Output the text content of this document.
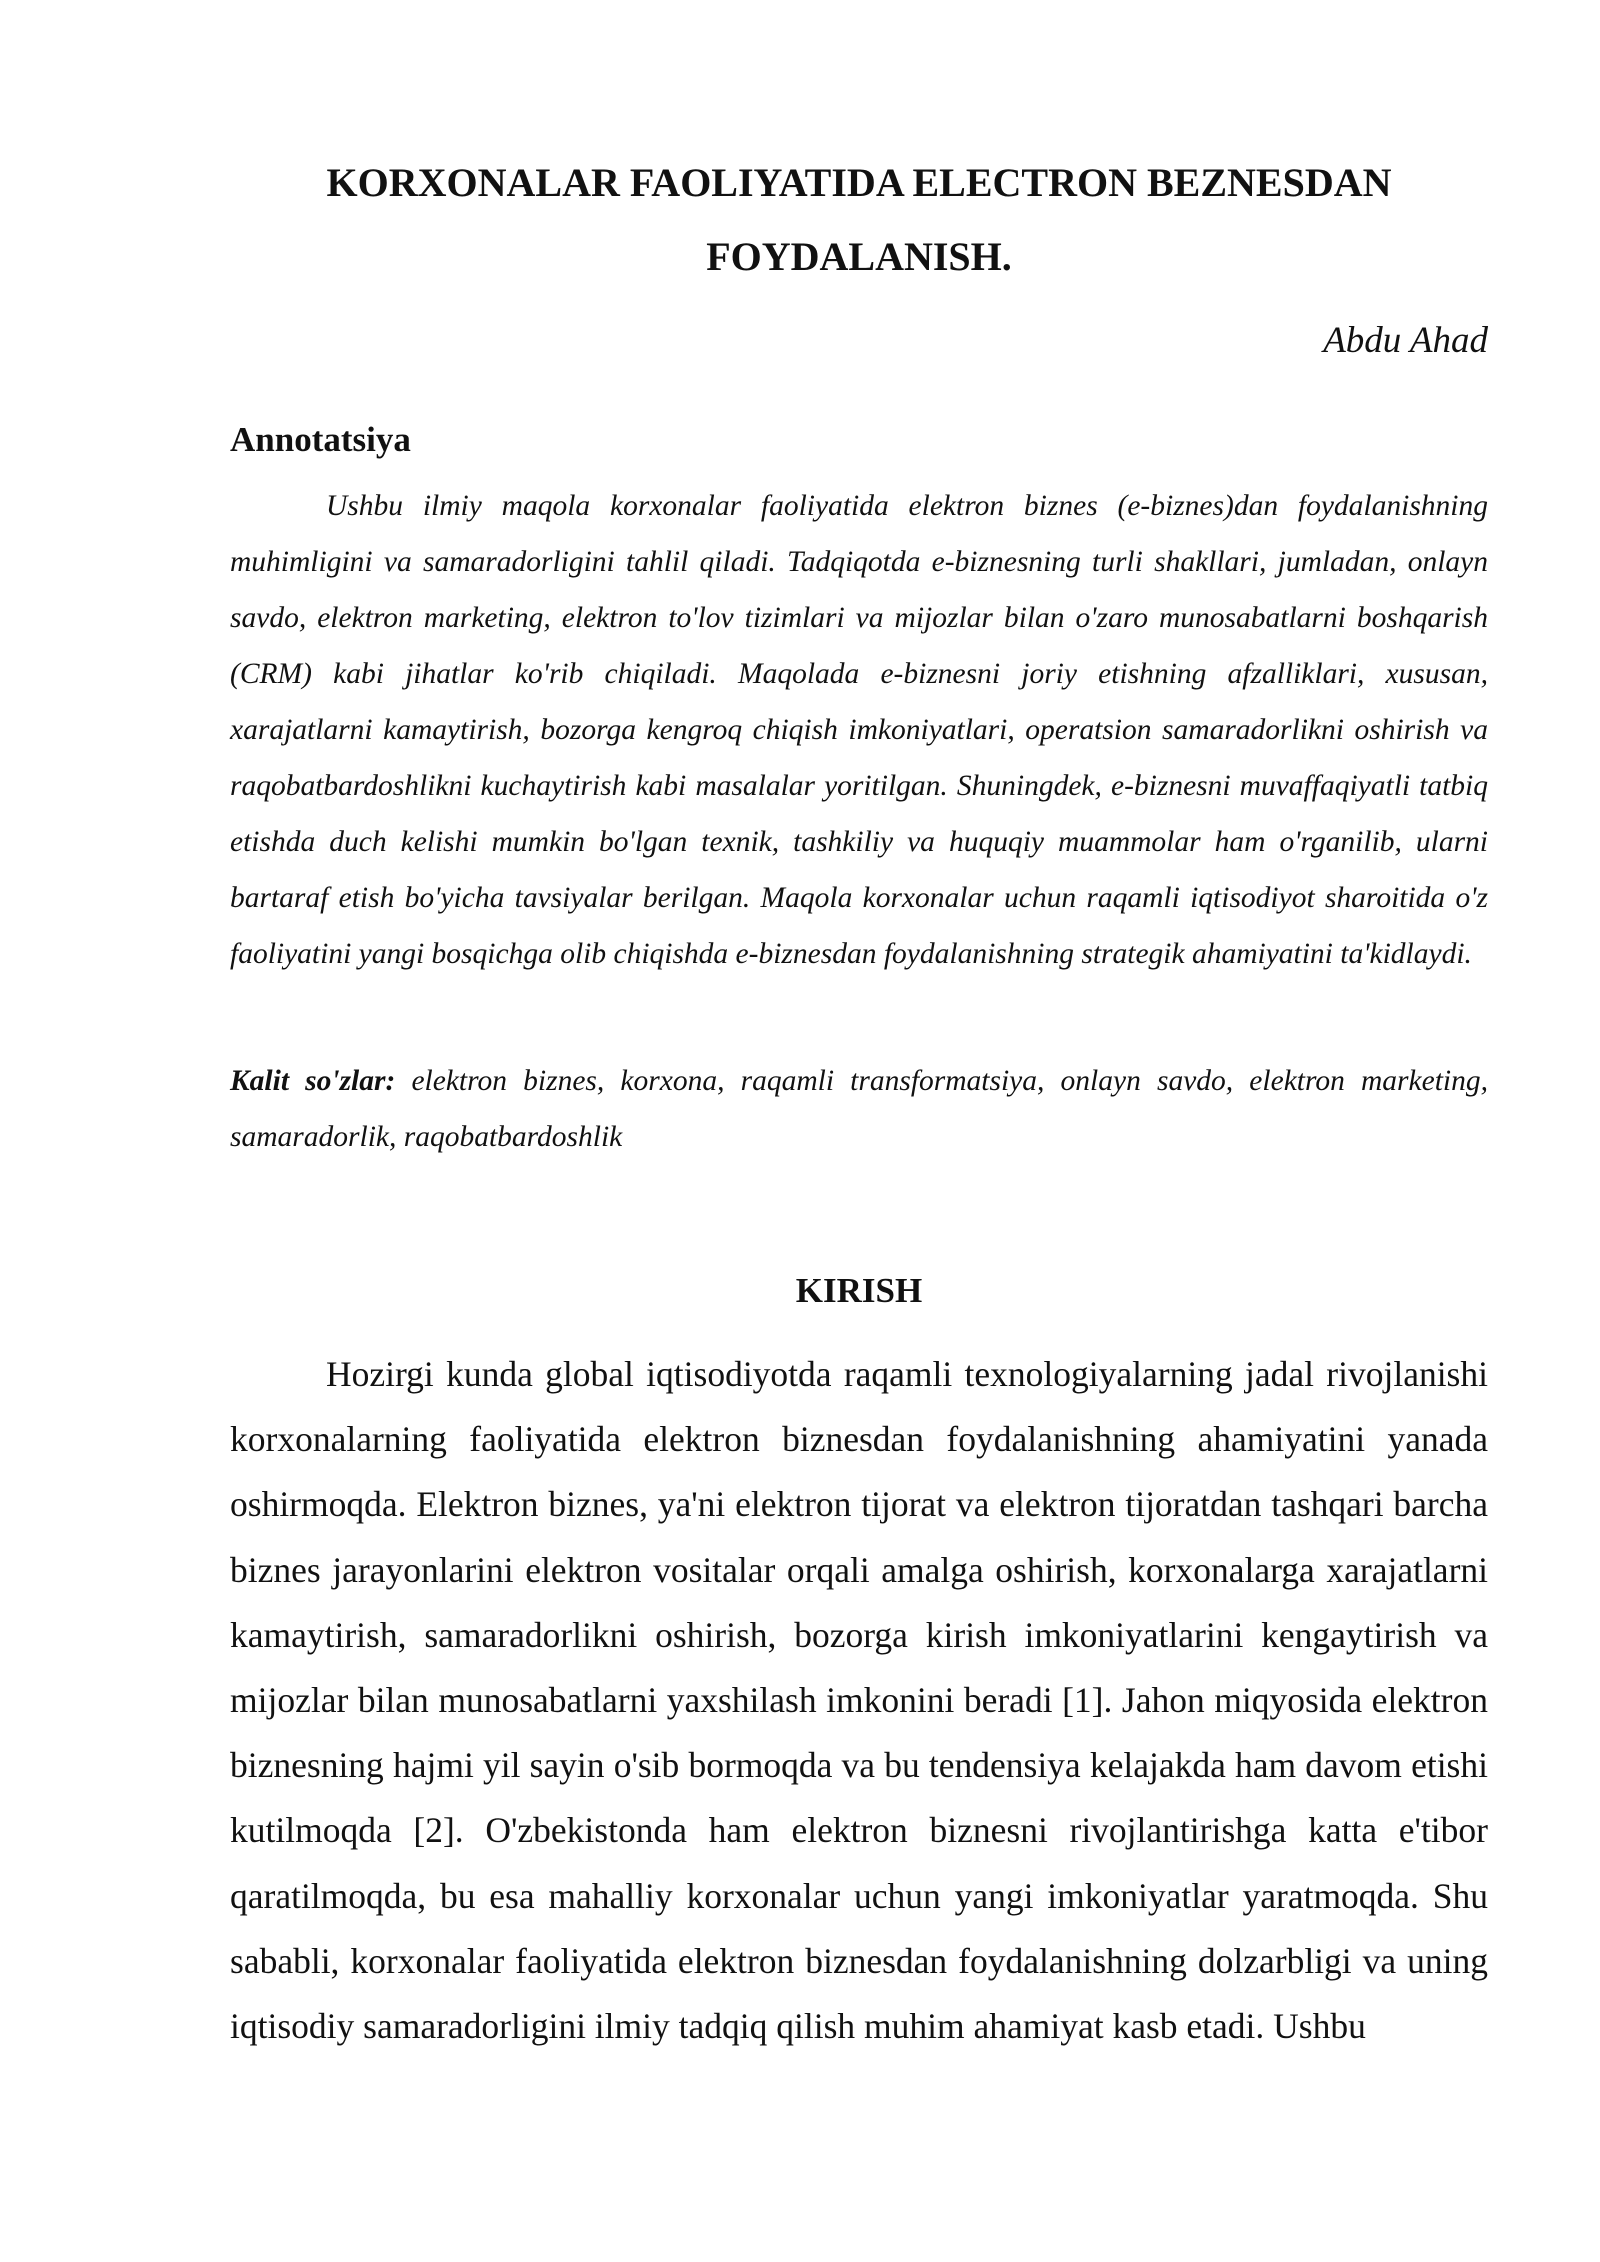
KORXONALAR FAOLIYATIDA ELECTRON BEZNESDAN FOYDALANISH.

Abdu Ahad

Annotatsiya

Ushbu ilmiy maqola korxonalar faoliyatida elektron biznes (e-biznes)dan foydalanishning muhimligini va samaradorligini tahlil qiladi. Tadqiqotda e-biznesning turli shakllari, jumladan, onlayn savdo, elektron marketing, elektron to'lov tizimlari va mijozlar bilan o'zaro munosabatlarni boshqarish (CRM) kabi jihatlar ko'rib chiqiladi. Maqolada e-biznesni joriy etishning afzalliklari, xususan, xarajatlarni kamaytirish, bozorga kengroq chiqish imkoniyatlari, operatsion samaradorlikni oshirish va raqobatbardoshlikni kuchaytirish kabi masalalar yoritilgan. Shuningdek, e-biznesni muvaffaqiyatli tatbiq etishda duch kelishi mumkin bo'lgan texnik, tashkiliy va huquqiy muammolar ham o'rganilib, ularni bartaraf etish bo'yicha tavsiyalar berilgan. Maqola korxonalar uchun raqamli iqtisodiyot sharoitida o'z faoliyatini yangi bosqichga olib chiqishda e-biznesdan foydalanishning strategik ahamiyatini ta'kidlaydi.

Kalit so'zlar: elektron biznes, korxona, raqamli transformatsiya, onlayn savdo, elektron marketing, samaradorlik, raqobatbardoshlik

KIRISH

Hozirgi kunda global iqtisodiyotda raqamli texnologiyalarning jadal rivojlanishi korxonalarning faoliyatida elektron biznesdan foydalanishning ahamiyatini yanada oshirmoqda. Elektron biznes, ya'ni elektron tijorat va elektron tijoratdan tashqari barcha biznes jarayonlarini elektron vositalar orqali amalga oshirish, korxonalarga xarajatlarni kamaytirish, samaradorlikni oshirish, bozorga kirish imkoniyatlarini kengaytirish va mijozlar bilan munosabatlarni yaxshilash imkonini beradi [1]. Jahon miqyosida elektron biznesning hajmi yil sayin o'sib bormoqda va bu tendensiya kelajakda ham davom etishi kutilmoqda [2]. O'zbekistonda ham elektron biznesni rivojlantirishga katta e'tibor qaratilmoqda, bu esa mahalliy korxonalar uchun yangi imkoniyatlar yaratmoqda. Shu sababli, korxonalar faoliyatida elektron biznesdan foydalanishning dolzarbligi va uning iqtisodiy samaradorligini ilmiy tadqiq qilish muhim ahamiyat kasb etadi. Ushbu
